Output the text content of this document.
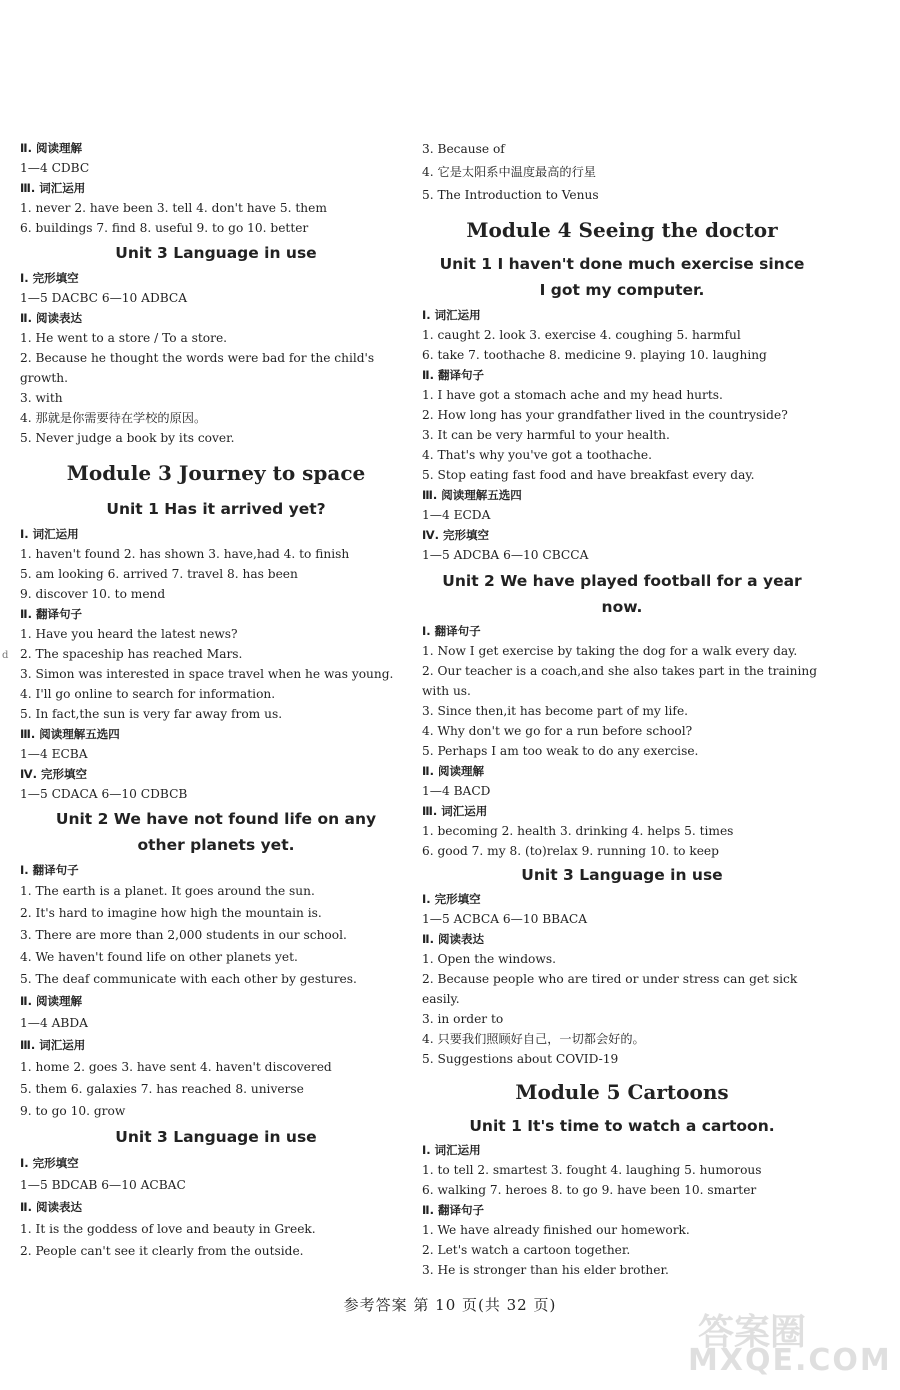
d
Ⅱ. 阅读理解
1—4 CDBC
Ⅲ. 词汇运用
1. never 2. have been 3. tell 4. don't have 5. them
6. buildings 7. find 8. useful 9. to go 10. better
Unit 3 Language in use
Ⅰ. 完形填空
1—5 DACBC 6—10 ADBCA
Ⅱ. 阅读表达
1. He went to a store / To a store.
2. Because he thought the words were bad for the child's growth.
3. with
4. 那就是你需要待在学校的原因。
5. Never judge a book by its cover.
Module 3 Journey to space
Unit 1 Has it arrived yet?
Ⅰ. 词汇运用
1. haven't found 2. has shown 3. have,had 4. to finish
5. am looking 6. arrived 7. travel 8. has been
9. discover 10. to mend
Ⅱ. 翻译句子
1. Have you heard the latest news?
2. The spaceship has reached Mars.
3. Simon was interested in space travel when he was young.
4. I'll go online to search for information.
5. In fact,the sun is very far away from us.
Ⅲ. 阅读理解五选四
1—4 ECBA
Ⅳ. 完形填空
1—5 CDACA 6—10 CDBCB
Unit 2 We have not found life on any
other planets yet.
Ⅰ. 翻译句子
1. The earth is a planet. It goes around the sun.
2. It's hard to imagine how high the mountain is.
3. There are more than 2,000 students in our school.
4. We haven't found life on other planets yet.
5. The deaf communicate with each other by gestures.
Ⅱ. 阅读理解
1—4 ABDA
Ⅲ. 词汇运用
1. home 2. goes 3. have sent 4. haven't discovered
5. them 6. galaxies 7. has reached 8. universe
9. to go 10. grow
Unit 3 Language in use
Ⅰ. 完形填空
1—5 BDCAB 6—10 ACBAC
Ⅱ. 阅读表达
1. It is the goddess of love and beauty in Greek.
2. People can't see it clearly from the outside.
3. Because of
4. 它是太阳系中温度最高的行星
5. The Introduction to Venus
Module 4 Seeing the doctor
Unit 1 I haven't done much exercise since
I got my computer.
Ⅰ. 词汇运用
1. caught 2. look 3. exercise 4. coughing 5. harmful
6. take 7. toothache 8. medicine 9. playing 10. laughing
Ⅱ. 翻译句子
1. I have got a stomach ache and my head hurts.
2. How long has your grandfather lived in the countryside?
3. It can be very harmful to your health.
4. That's why you've got a toothache.
5. Stop eating fast food and have breakfast every day.
Ⅲ. 阅读理解五选四
1—4 ECDA
Ⅳ. 完形填空
1—5 ADCBA 6—10 CBCCA
Unit 2 We have played football for a year now.
Ⅰ. 翻译句子
1. Now I get exercise by taking the dog for a walk every day.
2. Our teacher is a coach,and she also takes part in the training with us.
3. Since then,it has become part of my life.
4. Why don't we go for a run before school?
5. Perhaps I am too weak to do any exercise.
Ⅱ. 阅读理解
1—4 BACD
Ⅲ. 词汇运用
1. becoming 2. health 3. drinking 4. helps 5. times
6. good 7. my 8. (to)relax 9. running 10. to keep
Unit 3 Language in use
Ⅰ. 完形填空
1—5 ACBCA 6—10 BBACA
Ⅱ. 阅读表达
1. Open the windows.
2. Because people who are tired or under stress can get sick easily.
3. in order to
4. 只要我们照顾好自己，一切都会好的。
5. Suggestions about COVID-19
Module 5 Cartoons
Unit 1 It's time to watch a cartoon.
Ⅰ. 词汇运用
1. to tell 2. smartest 3. fought 4. laughing 5. humorous
6. walking 7. heroes 8. to go 9. have been 10. smarter
Ⅱ. 翻译句子
1. We have already finished our homework.
2. Let's watch a cartoon together.
3. He is stronger than his elder brother.
参考答案 第 10 页(共 32 页)
答案圈
MXQE.COM
